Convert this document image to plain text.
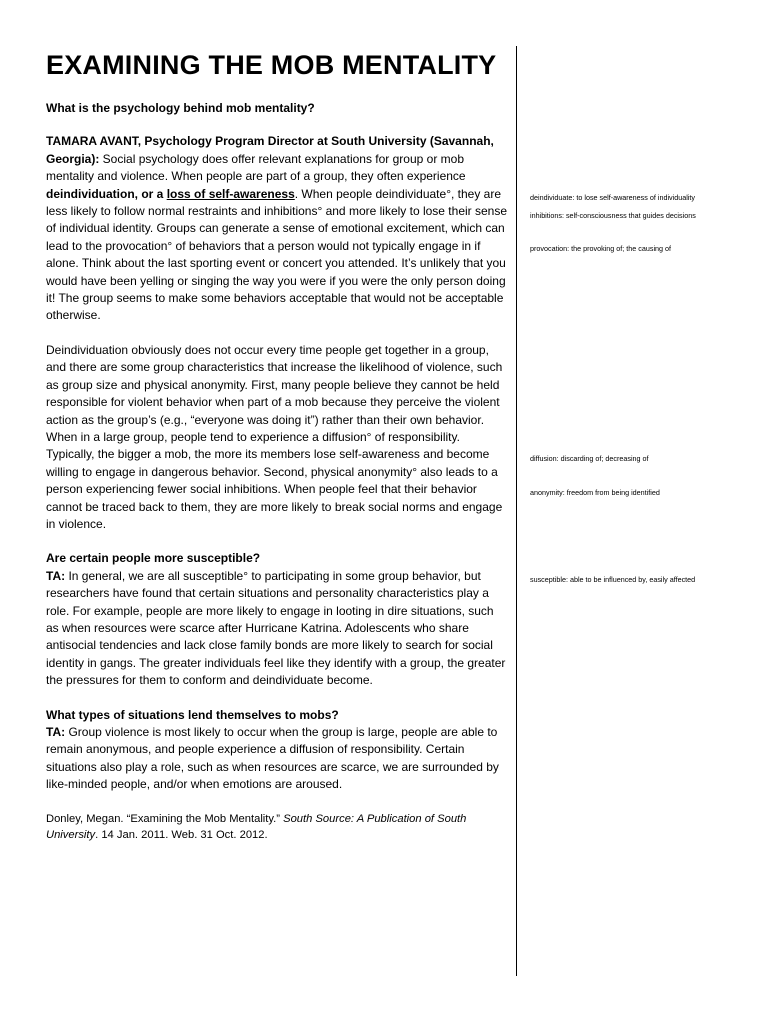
EXAMINING THE MOB MENTALITY

What is the psychology behind mob mentality?

TAMARA AVANT, Psychology Program Director at South University (Savannah, Georgia): Social psychology does offer relevant explanations for group or mob mentality and violence. When people are part of a group, they often experience deindividuation, or a loss of self-awareness. When people deindividuate°, they are less likely to follow normal restraints and inhibitions° and more likely to lose their sense of individual identity. Groups can generate a sense of emotional excitement, which can lead to the provocation° of behaviors that a person would not typically engage in if alone. Think about the last sporting event or concert you attended. It’s unlikely that you would have been yelling or singing the way you were if you were the only person doing it! The group seems to make some behaviors acceptable that would not be acceptable otherwise.

Deindividuation obviously does not occur every time people get together in a group, and there are some group characteristics that increase the likelihood of violence, such as group size and physical anonymity. First, many people believe they cannot be held responsible for violent behavior when part of a mob because they perceive the violent action as the group’s (e.g., “everyone was doing it”) rather than their own behavior. When in a large group, people tend to experience a diffusion° of responsibility. Typically, the bigger a mob, the more its members lose self-awareness and become willing to engage in dangerous behavior. Second, physical anonymity° also leads to a person experiencing fewer social inhibitions. When people feel that their behavior cannot be traced back to them, they are more likely to break social norms and engage in violence.

Are certain people more susceptible?

TA: In general, we are all susceptible° to participating in some group behavior, but researchers have found that certain situations and personality characteristics play a role. For example, people are more likely to engage in looting in dire situations, such as when resources were scarce after Hurricane Katrina. Adolescents who share antisocial tendencies and lack close family bonds are more likely to search for social identity in gangs. The greater individuals feel like they identify with a group, the greater the pressures for them to conform and deindividuate become.

What types of situations lend themselves to mobs?

TA: Group violence is most likely to occur when the group is large, people are able to remain anonymous, and people experience a diffusion of responsibility. Certain situations also play a role, such as when resources are scarce, we are surrounded by like-minded people, and/or when emotions are aroused.

Donley, Megan. “Examining the Mob Mentality.” South Source: A Publication of South University. 14 Jan. 2011. Web. 31 Oct. 2012.

deindividuate: to lose self-awareness of individuality
inhibitions: self-consciousness that guides decisions
provocation: the provoking of; the causing of
diffusion: discarding of; decreasing of
anonymity: freedom from being identified
susceptible: able to be influenced by, easily affected
